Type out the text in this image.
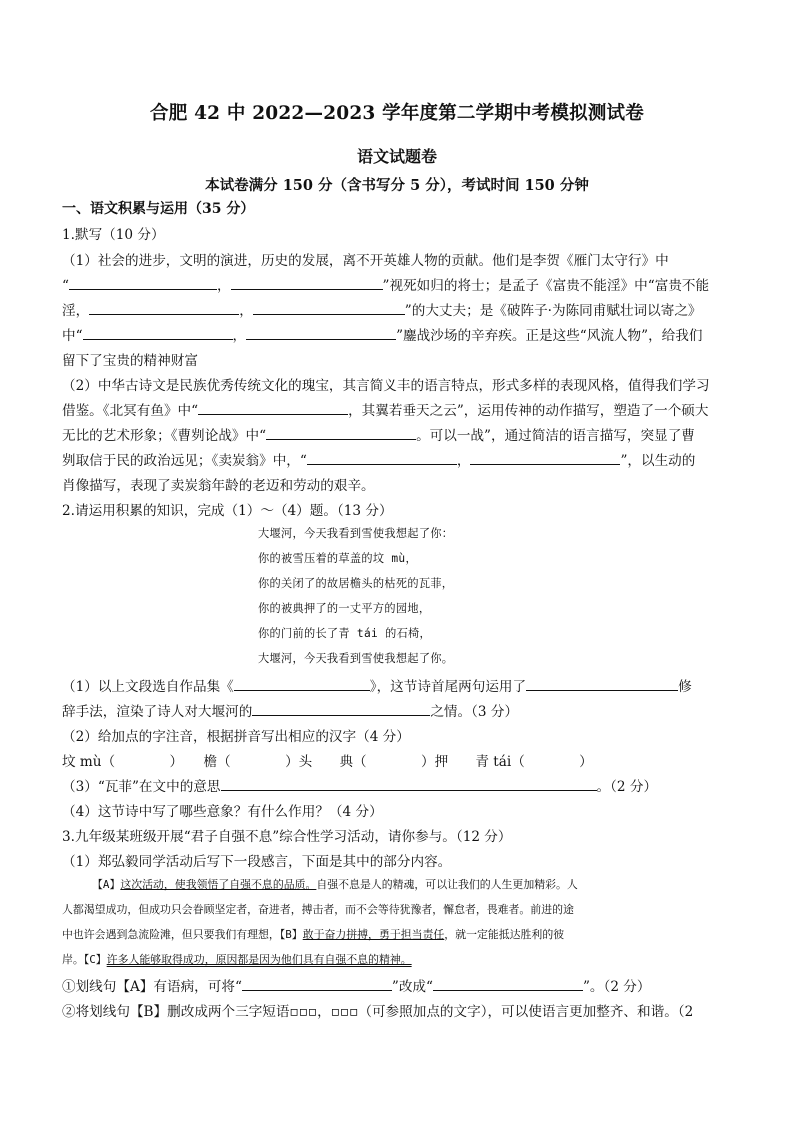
合肥 42 中 2022—2023 学年度第二学期中考模拟测试卷
语文试题卷
本试卷满分 150 分（含书写分 5 分），考试时间 150 分钟
一、语文积累与运用（35 分）
1.默写（10 分）
（1）社会的进步，文明的演进，历史的发展，离不开英雄人物的贡献。他们是李贺《雁门太守行》中
“	，	”视死如归的将士；是孟子《富贵不能淫》中“富贵不能
淫，	，	”的大丈夫；是《破阵子·为陈同甫赋壮词以寄之》
中“	，	”鏖战沙场的辛弃疾。正是这些“风流人物”，给我们
留下了宝贵的精神财富
（2）中华古诗文是民族优秀传统文化的瑰宝，其言简义丰的语言特点，形式多样的表现风格，值得我们学习
借鉴。《北冥有鱼》中“	，其翼若垂天之云”，运用传神的动作描写，塑造了一个硕大
无比的艺术形象；《曹刿论战》中“	。可以一战”，通过简洁的语言描写，突显了曹
刿取信于民的政治远见；《卖炭翁》中，“	，	”，以生动的
肖像描写，表现了卖炭翁年龄的老迈和劳动的艰辛。
2.请运用积累的知识，完成（1）～（4）题。（13 分）
大堰河，今天我看到雪使我想起了你：
你的被雪压着的草盖的坟 mù，
你的关闭了的故居檐头的枯死的瓦菲，
你的被典押了的一丈平方的园地，
你的门前的长了青 tái 的石椅，
大堰河，今天我看到雪使我想起了你。
（1）以上文段选自作品集《	》，这节诗首尾两句运用了	修
辞手法，渲染了诗人对大堰河的	之情。（3 分）
（2）给加点的字注音，根据拼音写出相应的汉字（4 分）
坟 mù（　　　　）　　檐（　　　　）头　　典（　　　　）押　　青 tái（　　　　）
（3）“瓦菲”在文中的意思	。（2 分）
（4）这节诗中写了哪些意象？有什么作用？（4 分）
3.九年级某班级开展“君子自强不息”综合性学习活动，请你参与。（12 分）
（1）郑弘毅同学活动后写下一段感言，下面是其中的部分内容。
【A】这次活动，使我领悟了自强不息的品质。自强不息是人的精魂，可以让我们的人生更加精彩。人
人都渴望成功，但成功只会眷顾坚定者，奋进者，搏击者，而不会等待犹豫者，懈怠者，畏难者。前进的途
中也许会遇到急流险滩，但只要我们有理想，【B】敢于奋力拼搏，勇于担当责任，就一定能抵达胜利的彼
岸。【C】许多人能够取得成功，原因都是因为他们具有自强不息的精神。
①划线句【A】有语病，可将“	”改成“	”。（2 分）
②将划线句【B】删改成两个三字短语▫▫▫，▫▫▫（可参照加点的文字），可以使语言更加整齐、和谐。（2
